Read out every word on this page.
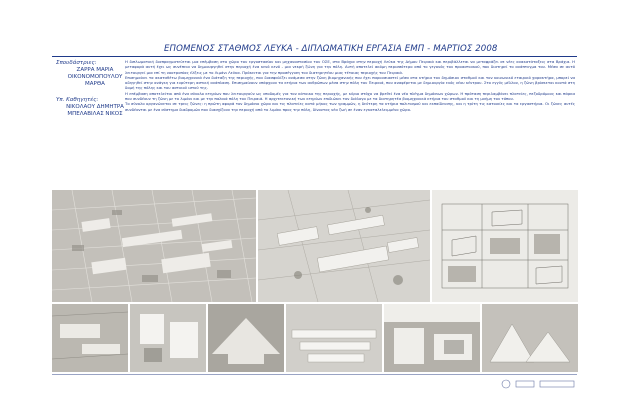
ΕΠΟΜΕΝΟΣ ΣΤΑΘΜΟΣ ΛΕΥΚΑ - ΔΙΠΛΩΜΑΤΙΚΗ ΕΡΓΑΣΙΑ ΕΜΠ - ΜΑΡΤΙΟΣ 2008
Σπουδάστριες:
ΖΑΡΡΑ ΜΑΡΙΑ
ΟΙΚΟΝΟΜΟΠΟΥΛΟΥ
ΜΑΡΘΑ
Υπ. Καθηγητές:
ΝΙΚΟΛΑΟΥ ΔΗΜΗΤΡΑ
ΜΠΕΛΑΒΙΛΑΣ ΝΙΚΟΣ

Η διπλωματική διαπραγματεύεται μια επέμβαση στο χώρο του εργοστασίου και μηχανοστασίου του ΟΣΕ, στα Βράχια στην περιοχή Λεύκα της Δήμου Πειραιά και περιβάλλεται να μεταφράζει σε νέες ανακατάταξεις στα Βράχια. Η μεταφορά αυτή έχει ως συνέπεια να δημιουργηθεί στην περιοχή ένα κενό κενό - μια νεκρή ζώνη για την πόλη. Αυτή αποτελεί ακόμη περισσότερο από το γεγονός του προαστιακού, που διατηρεί το ανάπτυγμα του. Μέσα σε αυτό λειτουργεί μια επί τη νοοτροπίας έλξεις με το Λιμάνι Λεύκα. Πρόκειται για την προσέγγιση του διατηρητέου μιας τέτοιας περιοχής του Πειραιά.

Επισημαίνει τα ακαταθέτω βιομηχανικά ένα διάταξη της περιοχής, που διασφαλίζει ανάμεσα στην ζώνη βιομηχανικής που έχει παρουσιαστεί μέσα στα κτήρια του δημόσιου σταθμού και τον κοινωνικό εταιρικό χαρακτήρα, μπορεί να οδηγηθεί στην ανάγκη για ευρύτερη αστική ανάπλαση. Επισημαίνουν υπάρχουν τα κτήρια των ανθρώπων μέσα στην πόλη του Πειραιά, που αναφέρεται με δημιουργία ενός νέου κέντρου. Στο εγγύς μέλλον, η ζώνη βρίσκεται κοντά στη δομή της πόλης και του αστικού ιστού της.

Η επέμβαση αποτελείται από ένα σύνολο κτηρίων που λειτουργούν ως υποδομές για τον κάτοικο της περιοχής, με κύριο στόχο να βρεθεί ένα νέο πλέγμα δημόσιων χώρων. Η πρόταση περιλαμβάνει πλατείες, πεζοδρόμους και πάρκα που συνδέουν τη ζώνη με το λιμάνι και με την παλαιά πόλη του Πειραιά. Η αρχιτεκτονική των κτηρίων επιδιώκει τον διάλογο με τα διατηρητέα βιομηχανικά κτήρια του σταθμού και τη μνήμη του τόπου.

Το σύνολο οργανώνεται σε τρεις ζώνες: η πρώτη αφορά τον δημόσιο χώρο και τις πλατείες κατά μήκος των γραμμών, η δεύτερη τα κτήρια πολιτισμού και εκπαίδευσης, και η τρίτη τις κατοικίες και τα εργαστήρια. Οι ζώνες αυτές συνδέονται με ένα σύστημα διαδρομών που διασχίζουν την περιοχή από το λιμάνι προς την πόλη, δίνοντας νέα ζωή σε έναν εγκαταλελειμμένο χώρο.
